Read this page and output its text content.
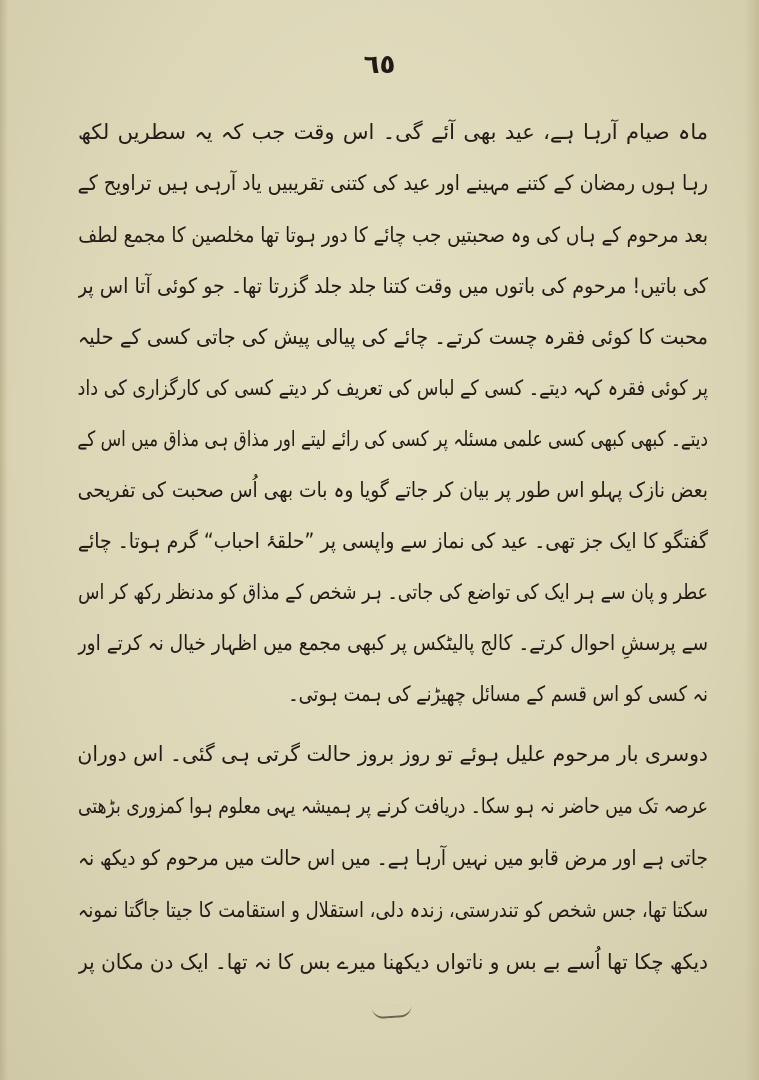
٦٥
ماہ صیام آرہا ہے، عید بھی آئے گی۔ اس وقت جب کہ یہ سطریں لکھ
رہا ہوں رمضان کے کتنے مہینے اور عید کی کتنی تقریبیں یاد آرہی ہیں تراویح کے
بعد مرحوم کے ہاں کی وہ صحبتیں جب چائے کا دور ہوتا تھا مخلصین کا مجمع لطف
کی باتیں! مرحوم کی باتوں میں وقت کتنا جلد جلد گزرتا تھا۔ جو کوئی آتا اس پر
محبت کا کوئی فقرہ چست کرتے۔ چائے کی پیالی پیش کی جاتی کسی کے حلیہ
پر کوئی فقرہ کہہ دیتے۔ کسی کے لباس کی تعریف کر دیتے کسی کی کارگزاری کی داد
دیتے۔ کبھی کبھی کسی علمی مسئلہ پر کسی کی رائے لیتے اور مذاق ہی مذاق میں اس کے
بعض نازک پہلو اس طور پر بیان کر جاتے گویا وہ بات بھی اُس صحبت کی تفریحی
گفتگو کا ایک جز تھی۔ عید کی نماز سے واپسی پر ”حلقۂ احباب“ گرم ہوتا۔ چائے
عطر و پان سے ہر ایک کی تواضع کی جاتی۔ ہر شخص کے مذاق کو مدنظر رکھ کر اس
سے پرسشِ احوال کرتے۔ کالج پالیٹکس پر کبھی مجمع میں اظہار خیال نہ کرتے اور
نہ کسی کو اس قسم کے مسائل چھیڑنے کی ہمت ہوتی۔
دوسری بار مرحوم علیل ہوئے تو روز بروز حالت گرتی ہی گئی۔ اس دوران
عرصہ تک میں حاضر نہ ہو سکا۔ دریافت کرنے پر ہمیشہ یہی معلوم ہوا کمزوری بڑھتی
جاتی ہے اور مرض قابو میں نہیں آرہا ہے۔ میں اس حالت میں مرحوم کو دیکھ نہ
سکتا تھا، جس شخص کو تندرستی، زندہ دلی، استقلال و استقامت کا جیتا جاگتا نمونہ
دیکھ چکا تھا اُسے بے بس و ناتواں دیکھنا میرے بس کا نہ تھا۔ ایک دن مکان پر
